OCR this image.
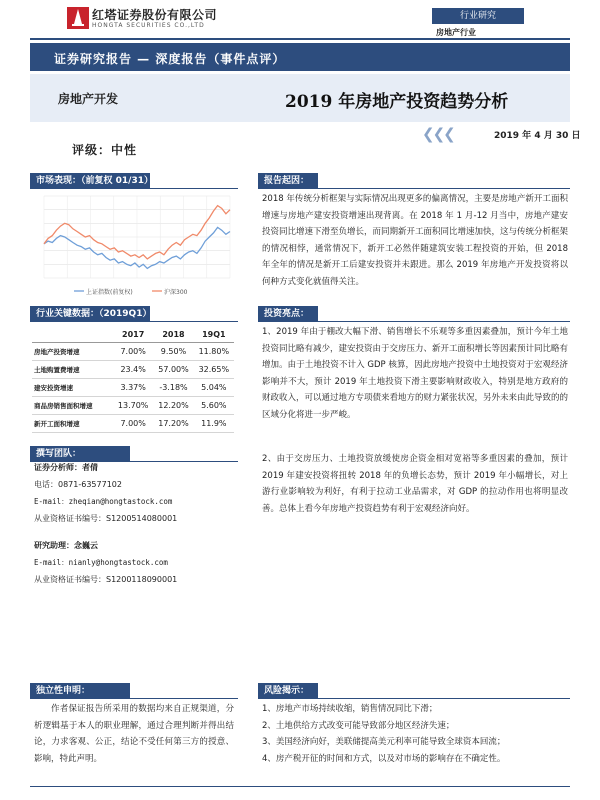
红塔证券股份有限公司
HONGTA SECURITIES CO.,LTD
行业研究
房地产行业
证券研究报告 — 深度报告（事件点评）
房地产开发	2019 年房地产投资趋势分析
❮❮❮	2019 年 4 月 30 日
评级：中性
市场表现：（前复权 01/31）
上证指数(前复权)	沪深300
行业关键数据：（2019Q1）
	2017	2018	19Q1
房地产投资增速	7.00%	9.50%	11.80%
土地购置费增速	23.4%	57.00%	32.65%
建安投资增速	3.37%	-3.18%	5.04%
商品房销售面积增速	13.70%	12.20%	5.60%
新开工面积增速	7.00%	17.20%	11.9%
撰写团队：
证券分析师：者倩
电话：0871-63577102
E-mail：zheqian@hongtastock.com
从业资格证书编号：S1200514080001
研究助理：念巍云
E-mail：nianly@hongtastock.com
从业资格证书编号：S1200118090001
独立性申明：
作者保证报告所采用的数据均来自正规渠道，分析逻辑基于本人的职业理解，通过合理判断并得出结论，力求客观、公正，结论不受任何第三方的授意、影响，特此声明。
报告起因：
2018 年传统分析框架与实际情况出现更多的偏离情况，主要是房地产新开工面积增速与房地产建安投资增速出现背离。在 2018 年 1 月-12 月当中，房地产建安投资同比增速下滑至负增长，而同期新开工面积同比增速加快，这与传统分析框架的情况相悖，通常情况下，新开工必然伴随建筑安装工程投资的开始，但 2018 年全年的情况是新开工后建安投资并未跟进。那么 2019 年房地产开发投资将以何种方式变化就值得关注。
投资亮点：
1、2019 年由于棚改大幅下滑、销售增长不乐观等多重因素叠加，预计今年土地投资同比略有减少，建安投资由于交房压力、新开工面积增长等因素预计同比略有增加。由于土地投资不计入 GDP 核算，因此房地产投资中土地投资对于宏观经济影响并不大，预计 2019 年土地投资下滑主要影响财政收入，特别是地方政府的财政收入，可以通过地方专项债来看地方的财力紧张状况，另外未来由此导致的的区域分化将进一步严峻。
2、由于交房压力、土地投资放缓使房企资金相对宽裕等多重因素的叠加，预计 2019 年建安投资将扭转 2018 年的负增长态势，预计 2019 年小幅增长，对上游行业影响较为利好，有利于拉动工业品需求，对 GDP 的拉动作用也将明显改善。总体上看今年房地产投资趋势有利于宏观经济向好。
风险揭示：
1、房地产市场持续收缩，销售情况同比下滑；
2、土地供给方式改变可能导致部分地区经济失速；
3、美国经济向好，美联储提高美元利率可能导致全球资本回流；
4、房产税开征的时间和方式，以及对市场的影响存在不确定性。
